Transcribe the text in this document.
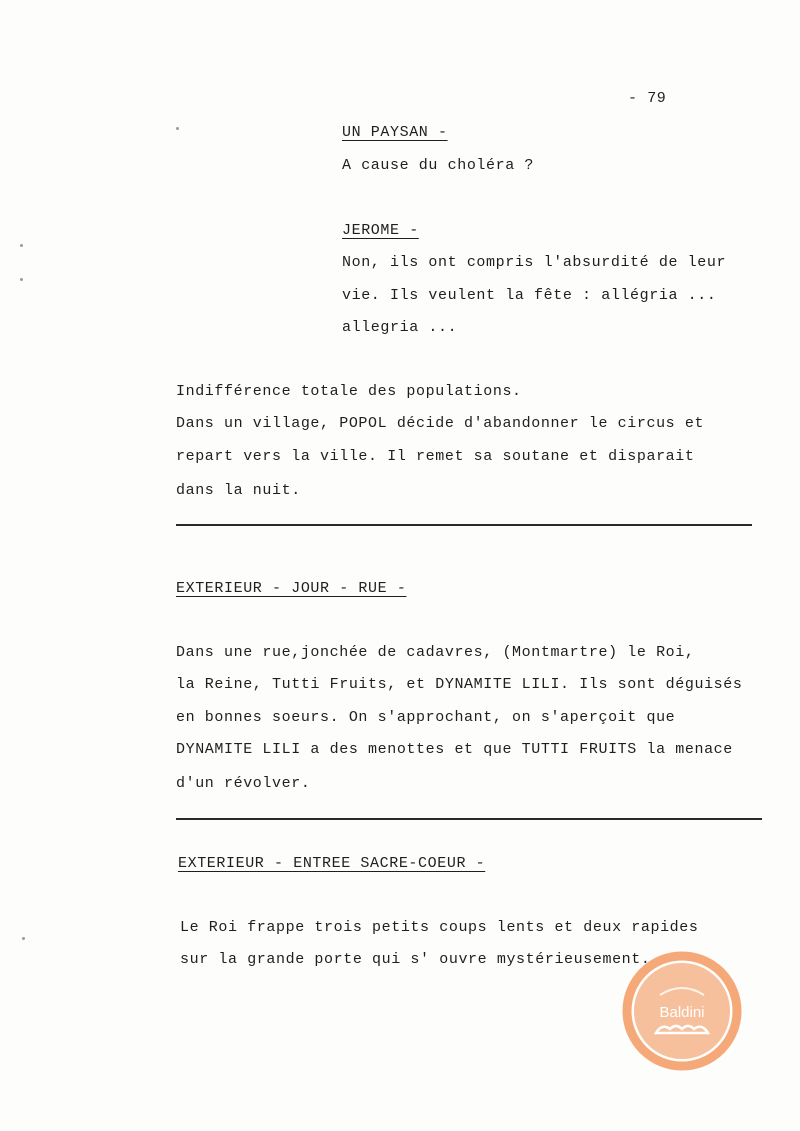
- 79
UN PAYSAN -
A cause du choléra ?
JEROME -
Non, ils ont compris l'absurdité de leur
vie. Ils veulent la fête : allégria ...
allegria ...
Indifférence totale des populations.
Dans un village, POPOL décide d'abandonner le circus et
repart vers la ville. Il remet sa soutane et disparait
dans la nuit.
EXTERIEUR - JOUR - RUE -
Dans une rue,jonchée de cadavres, (Montmartre) le Roi,
la Reine, Tutti Fruits, et DYNAMITE LILI. Ils sont déguisés
en bonnes soeurs. On s'approchant, on s'aperçoit que
DYNAMITE LILI a des menottes et que TUTTI FRUITS la menace
d'un révolver.
EXTERIEUR - ENTREE SACRE-COEUR -
Le Roi frappe trois petits coups lents et deux rapides
sur la grande porte qui s' ouvre mystérieusement.
Baldini
